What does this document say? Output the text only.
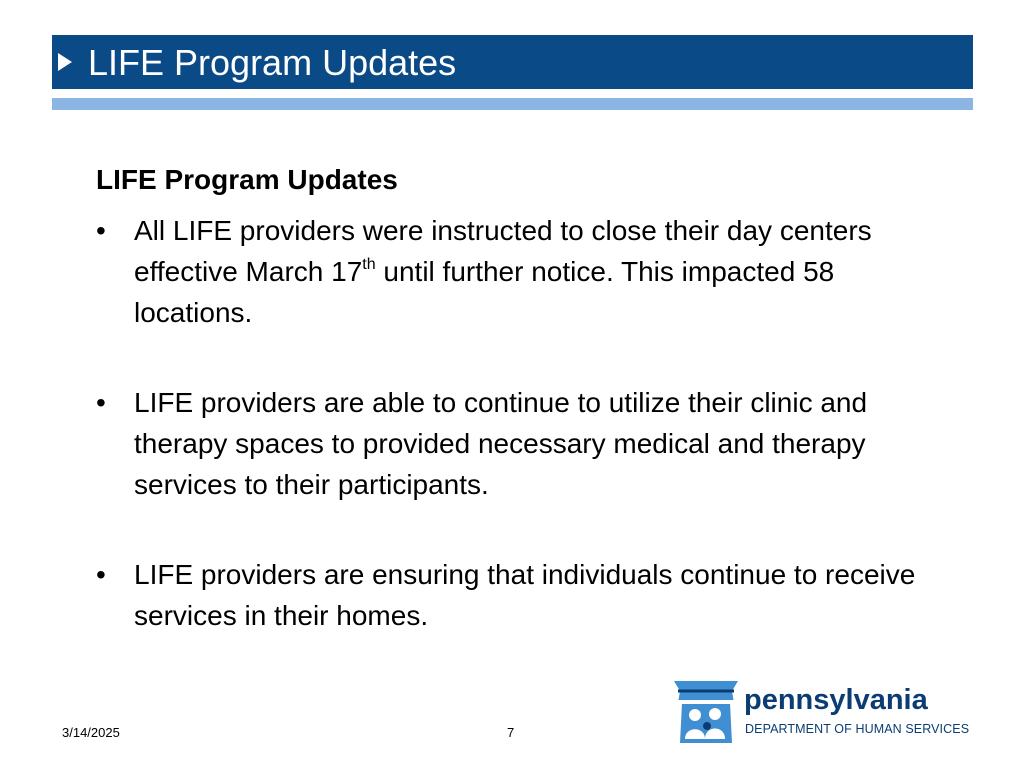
LIFE Program Updates
LIFE Program Updates
•	All LIFE providers were instructed to close their day centers effective March 17th until further notice. This impacted 58 locations.
•	LIFE providers are able to continue to utilize their clinic and therapy spaces to provided necessary medical and therapy services to their participants.
•	LIFE providers are ensuring that individuals continue to receive services in their homes.
3/14/2025	7
pennsylvania
DEPARTMENT OF HUMAN SERVICES
